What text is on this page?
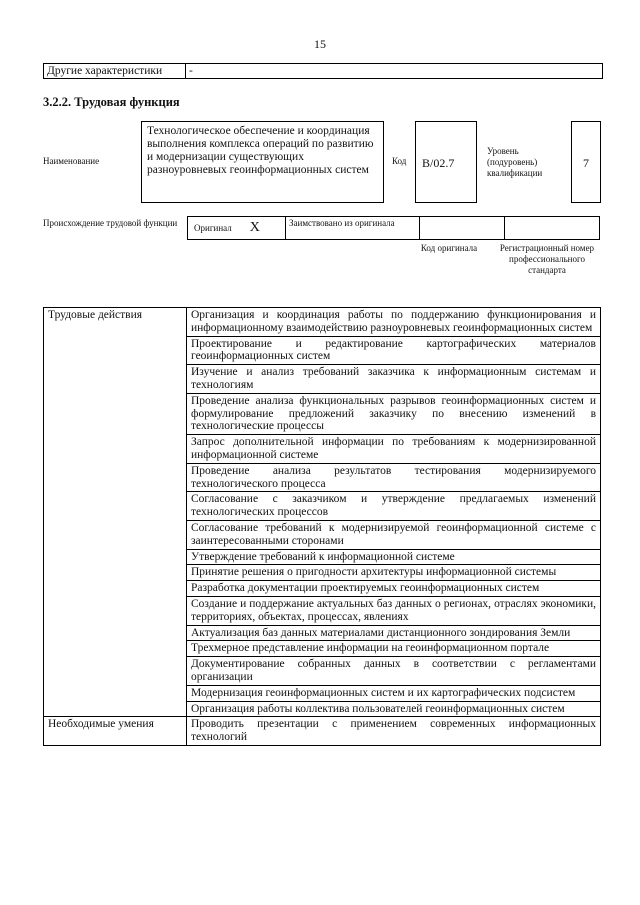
15
Другие характеристики	-
3.2.2. Трудовая функция
Наименование
Технологическое обеспечение и координация выполнения комплекса операций по развитию и модернизации существующих разноуровневых геоинформационных систем
Код	B/02.7
Уровень (подуровень) квалификации
7
Происхождение трудовой функции Оригинал X	Заимствовано из оригинала
Код оригинала	Регистрационный номер профессионального стандарта
Трудовые действия	Организация и координация работы по поддержанию функционирования и информационному взаимодействию разноуровневых геоинформационных систем
	Проектирование и редактирование картографических материалов геоинформационных систем
	Изучение и анализ требований заказчика к информационным системам и технологиям
	Проведение анализа функциональных разрывов геоинформационных систем и формулирование предложений заказчику по внесению изменений в технологические процессы
	Запрос дополнительной информации по требованиям к модернизированной информационной системе
	Проведение анализа результатов тестирования модернизируемого технологического процесса
	Согласование с заказчиком и утверждение предлагаемых изменений технологических процессов
	Согласование требований к модернизируемой геоинформационной системе с заинтересованными сторонами
	Утверждение требований к информационной системе
	Принятие решения о пригодности архитектуры информационной системы
	Разработка документации проектируемых геоинформационных систем
	Создание и поддержание актуальных баз данных о регионах, отраслях экономики, территориях, объектах, процессах, явлениях
	Актуализация баз данных материалами дистанционного зондирования Земли
	Трехмерное представление информации на геоинформационном портале
	Документирование собранных данных в соответствии с регламентами организации
	Модернизация геоинформационных систем и их картографических подсистем
	Организация работы коллектива пользователей геоинформационных систем
Необходимые умения	Проводить презентации с применением современных информационных технологий
